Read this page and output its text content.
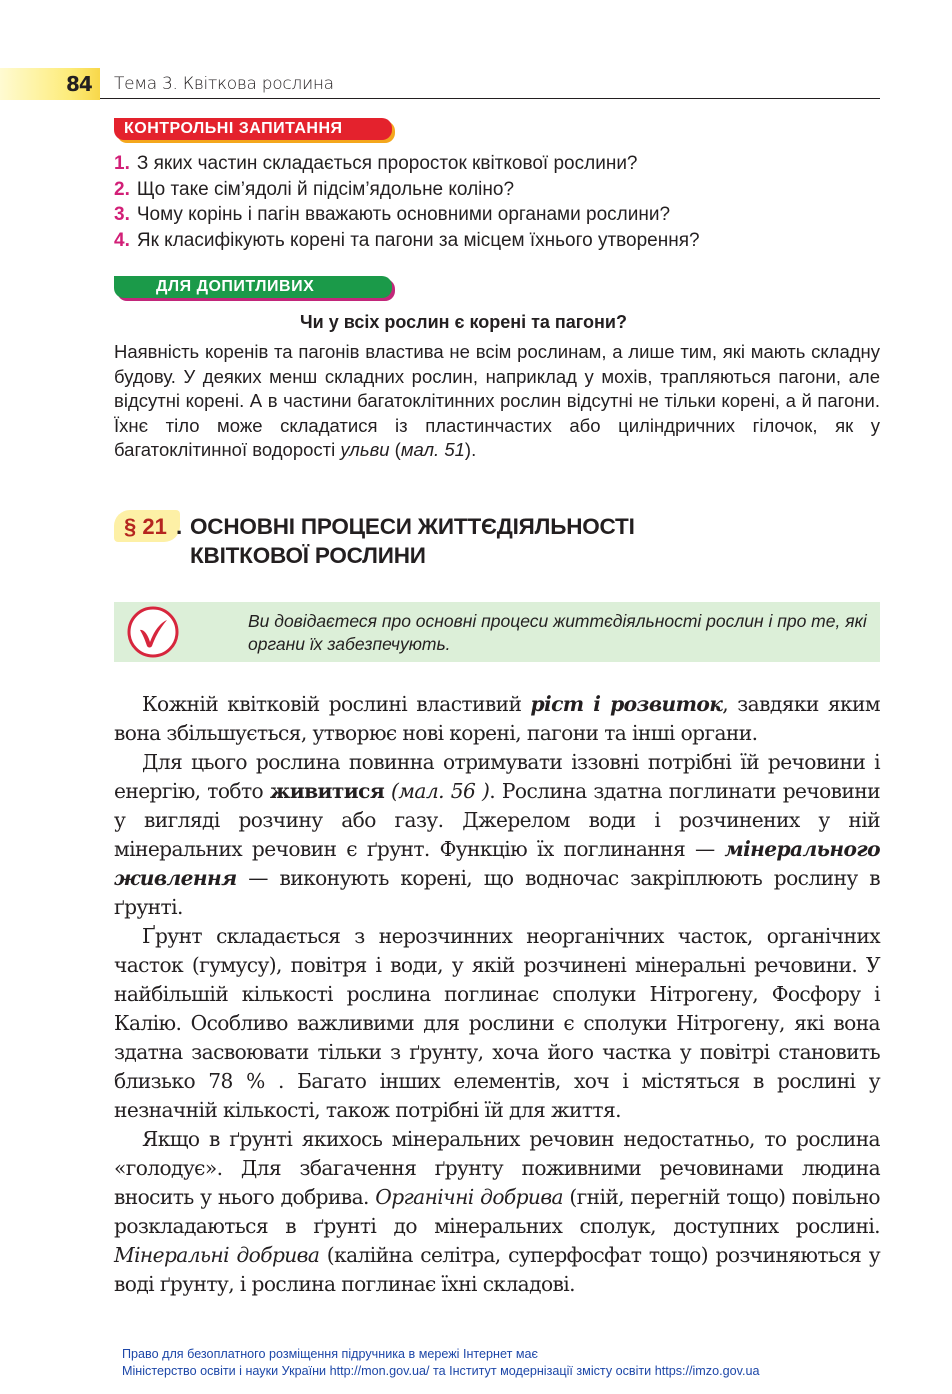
84 Тема 3. Квіткова рослина
КОНТРОЛЬНІ ЗАПИТАННЯ
1. З яких частин складається проросток квіткової рослини?
2. Що таке сім’ядолі й підсім’ядольне коліно?
3. Чому корінь і пагін вважають основними органами рослини?
4. Як класифікують корені та пагони за місцем їхнього утворення?
ДЛЯ ДОПИТЛИВИХ
Чи у всіх рослин є корені та пагони?

Наявність коренів та пагонів властива не всім рослинам, а лише тим, які мають складну будову. У деяких менш складних рослин, наприклад у мохів, трапляються пагони, але відсутні корені. А в частини багатоклітинних рослин відсутні не тільки корені, а й пагони. Їхнє тіло може складатися із пластинчастих або циліндричних гілочок, як у багатоклітинної водорості ульви (мал. 51).

§ 21 . ОСНОВНІ ПРОЦЕСИ ЖИТТЄДІЯЛЬНОСТІ
КВІТКОВОЇ РОСЛИНИ
Ви довідаєтеся про основні процеси життєдіяльності рослин і про те, які органи їх забезпечують.

Кожній квітковій рослині властивий ріст і розвиток, завдяки яким вона збільшується, утворює нові корені, пагони та інші органи.

Для цього рослина повинна отримувати іззовні потрібні їй речовини і енергію, тобто живитися (мал. 56 ). Рослина здатна поглинати речовини у вигляді розчину або газу. Джерелом води і розчинених у ній мінеральних речовин є ґрунт. Функцію їх поглинання — мінерального живлення — виконують корені, що водночас закріплюють рослину в ґрунті.

Ґрунт складається з нерозчинних неорганічних часток, органічних часток (гумусу), повітря і води, у якій розчинені мінеральні речовини. У найбільшій кількості рослина поглинає сполуки Нітрогену, Фосфору і Калію. Особливо важливими для рослини є сполуки Нітрогену, які вона здатна засвоювати тільки з ґрунту, хоча його частка у повітрі становить близько 78 % . Багато інших елементів, хоч і містяться в рослині у незначній кількості, також потрібні їй для життя.

Якщо в ґрунті якихось мінеральних речовин недостатньо, то рослина «голодує». Для збагачення ґрунту поживними речовинами людина вносить у нього добрива. Органічні добрива (гній, перегній тощо) повільно розкладаються в ґрунті до мінеральних сполук, доступних рослині. Мінеральні добрива (калійна селітра, суперфосфат тощо) розчиняються у воді ґрунту, і рослина поглинає їхні складові.

Право для безоплатного розміщення підручника в мережі Інтернет має
Міністерство освіти і науки України http://mon.gov.ua/ та Інститут модернізації змісту освіти https://imzo.gov.ua
